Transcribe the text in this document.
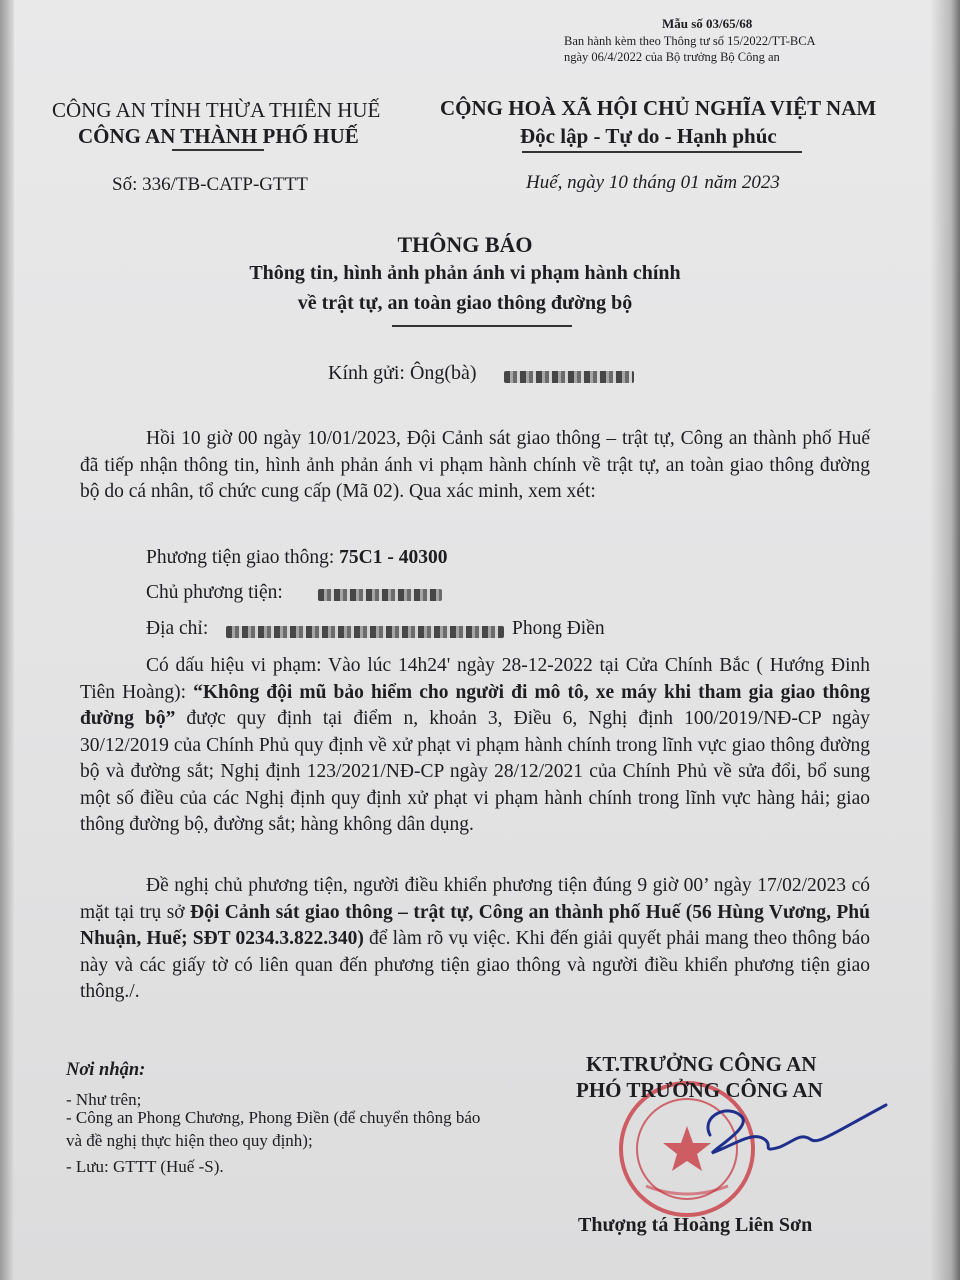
Mẫu số 03/65/68
Ban hành kèm theo Thông tư số 15/2022/TT-BCA
ngày 06/4/2022 của Bộ trưởng Bộ Công an
CÔNG AN TỈNH THỪA THIÊN HUẾ
CÔNG AN THÀNH PHỐ HUẾ
CỘNG HOÀ XÃ HỘI CHỦ NGHĨA VIỆT NAM
Độc lập - Tự do - Hạnh phúc
Số: 336/TB-CATP-GTTT	Huế, ngày 10 tháng 01 năm 2023
THÔNG BÁO
Thông tin, hình ảnh phản ánh vi phạm hành chính
về trật tự, an toàn giao thông đường bộ
Kính gửi: Ông(bà)
Hồi 10 giờ 00 ngày 10/01/2023, Đội Cảnh sát giao thông – trật tự, Công an thành phố Huế đã tiếp nhận thông tin, hình ảnh phản ánh vi phạm hành chính về trật tự, an toàn giao thông đường bộ do cá nhân, tổ chức cung cấp (Mã 02). Qua xác minh, xem xét:
Phương tiện giao thông: 75C1 - 40300
Chủ phương tiện:
Địa chỉ:	Phong Điền
Có dấu hiệu vi phạm: Vào lúc 14h24' ngày 28-12-2022 tại Cửa Chính Bắc ( Hướng Đinh Tiên Hoàng): “Không đội mũ bảo hiểm cho người đi mô tô, xe máy khi tham gia giao thông đường bộ” được quy định tại điểm n, khoản 3, Điều 6, Nghị định 100/2019/NĐ-CP ngày 30/12/2019 của Chính Phủ quy định về xử phạt vi phạm hành chính trong lĩnh vực giao thông đường bộ và đường sắt; Nghị định 123/2021/NĐ-CP ngày 28/12/2021 của Chính Phủ về sửa đổi, bổ sung một số điều của các Nghị định quy định xử phạt vi phạm hành chính trong lĩnh vực hàng hải; giao thông đường bộ, đường sắt; hàng không dân dụng.
Đề nghị chủ phương tiện, người điều khiển phương tiện đúng 9 giờ 00’ ngày 17/02/2023 có mặt tại trụ sở Đội Cảnh sát giao thông – trật tự, Công an thành phố Huế (56 Hùng Vương, Phú Nhuận, Huế; SĐT 0234.3.822.340) để làm rõ vụ việc. Khi đến giải quyết phải mang theo thông báo này và các giấy tờ có liên quan đến phương tiện giao thông và người điều khiển phương tiện giao thông./.
Nơi nhận:
- Như trên;
- Công an Phong Chương, Phong Điền (để chuyển thông báo và đề nghị thực hiện theo quy định);
- Lưu: GTTT (Huế -S).
KT.TRƯỞNG CÔNG AN
PHÓ TRƯỞNG CÔNG AN
Thượng tá Hoàng Liên Sơn
